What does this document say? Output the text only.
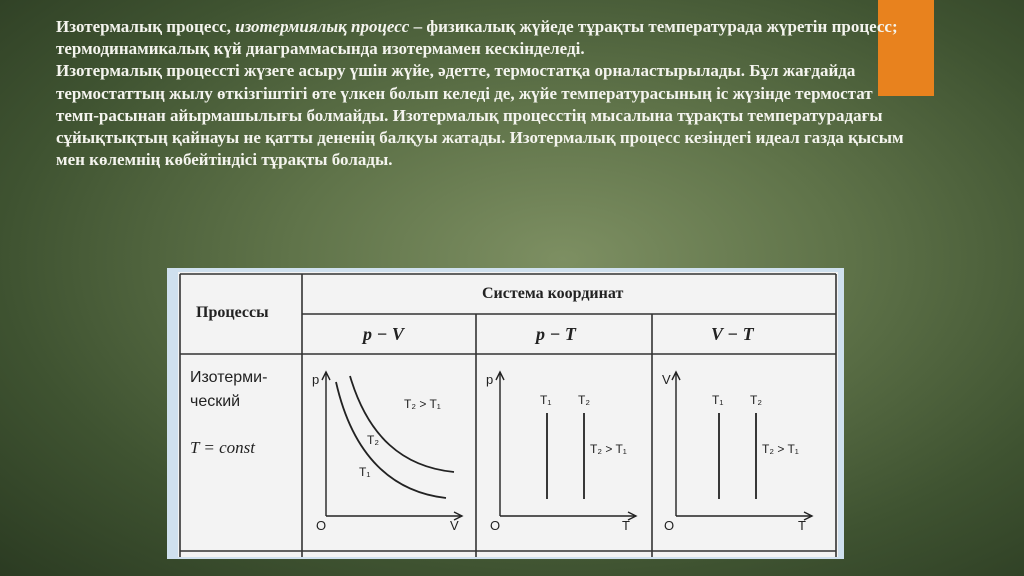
Изотермалық процесс, изотермиялық процесс – физикалық жүйеде тұрақты температурада жүретін процесс; термодинамикалық күй диаграммасында изотермамен кескінделеді.

Изотермалық процессті жүзеге асыру үшін жүйе, әдетте, термостатқа орналастырылады. Бұл жағдайда термостаттың жылу өткізгіштігі өте үлкен болып келеді де, жүйе температурасының іс жүзінде термостат темп-расынан айырмашылығы болмайды. Изотермалық процесстің мысалына тұрақты температурадағы сұйықтықтың қайнауы не қатты дененің балқуы жатады. Изотермалық процесс кезіндегі идеал газда қысым мен көлемнің көбейтіндісі тұрақты болады.

p
V
O
T₂ > T₁
T₂
T₁
p
T
O
T₁ T₂
T₂ > T₁
V
T
O
T₁ T₂
T₂ > T₁
Процессы
Система координат
p − V	p − T	V − T
Изотерми-
ческий
T = const
